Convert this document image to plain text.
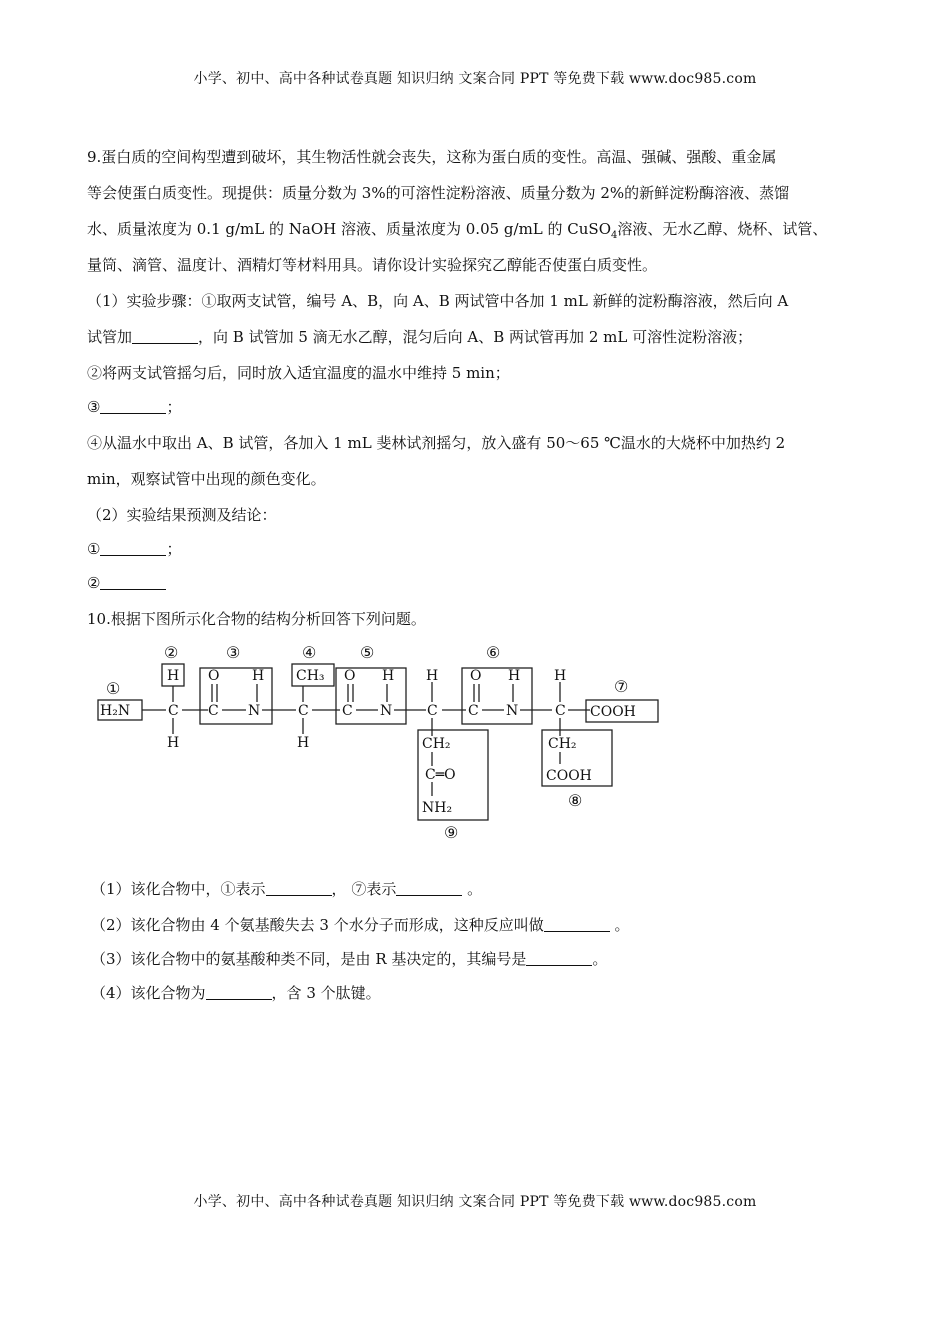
小学、初中、高中各种试卷真题 知识归纳 文案合同 PPT 等免费下载 www.doc985.com
9.蛋白质的空间构型遭到破坏，其生物活性就会丧失，这称为蛋白质的变性。高温、强碱、强酸、重金属
等会使蛋白质变性。现提供：质量分数为 3%的可溶性淀粉溶液、质量分数为 2%的新鲜淀粉酶溶液、蒸馏
水、质量浓度为 0.1 g/mL 的 NaOH 溶液、质量浓度为 0.05 g/mL 的 CuSO$_4$溶液、无水乙醇、烧杯、试管、
量筒、滴管、温度计、酒精灯等材料用具。请你设计实验探究乙醇能否使蛋白质变性。
（1）实验步骤：①取两支试管，编号 A、B，向 A、B 两试管中各加 1 mL 新鲜的淀粉酶溶液，然后向 A
试管加	，向 B 试管加 5 滴无水乙醇，混匀后向 A、B 两试管再加 2 mL 可溶性淀粉溶液；
②将两支试管摇匀后，同时放入适宜温度的温水中维持 5 min；
③	；
④从温水中取出 A、B 试管，各加入 1 mL 斐林试剂摇匀，放入盛有 50～65 ℃温水的大烧杯中加热约 2
min，观察试管中出现的颜色变化。
（2）实验结果预测及结论：
①	；
②
10.根据下图所示化合物的结构分析回答下列问题。
（1）该化合物中，①表示	， ⑦表示	。
（2）该化合物由 4 个氨基酸失去 3 个水分子而形成，这种反应叫做	。
（3）该化合物中的氨基酸种类不同，是由 R 基决定的，其编号是	。
（4）该化合物为	，含 3 个肽键。
H₂N	C
H
H
O H
C N
CH₃
C
H
O H
C N
H
C
O H
C N
H
C COOH
CH₂
C═O
NH₂
CH₂
COOH
①
②	③	④	⑤	⑥
⑦
⑧
⑨
小学、初中、高中各种试卷真题 知识归纳 文案合同 PPT 等免费下载 www.doc985.com
